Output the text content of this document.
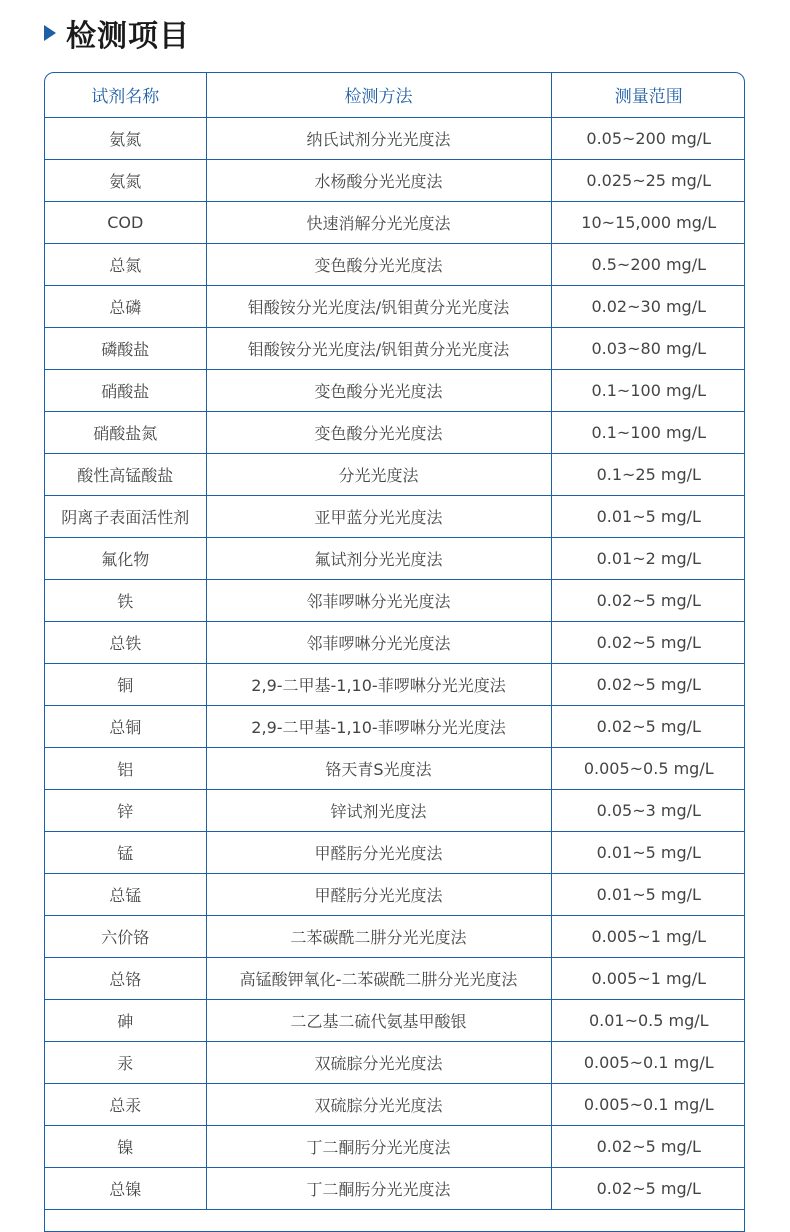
检测项目
试剂名称	检测方法	测量范围
氨氮	纳氏试剂分光光度法	0.05~200 mg/L
氨氮	水杨酸分光光度法	0.025~25 mg/L
COD	快速消解分光光度法	10~15,000 mg/L
总氮	变色酸分光光度法	0.5~200 mg/L
总磷	钼酸铵分光光度法/钒钼黄分光光度法	0.02~30 mg/L
磷酸盐	钼酸铵分光光度法/钒钼黄分光光度法	0.03~80 mg/L
硝酸盐	变色酸分光光度法	0.1~100 mg/L
硝酸盐氮	变色酸分光光度法	0.1~100 mg/L
酸性高锰酸盐	分光光度法	0.1~25 mg/L
阴离子表面活性剂	亚甲蓝分光光度法	0.01~5 mg/L
氟化物	氟试剂分光光度法	0.01~2 mg/L
铁	邻菲啰啉分光光度法	0.02~5 mg/L
总铁	邻菲啰啉分光光度法	0.02~5 mg/L
铜	2,9-二甲基-1,10-菲啰啉分光光度法	0.02~5 mg/L
总铜	2,9-二甲基-1,10-菲啰啉分光光度法	0.02~5 mg/L
铝	铬天青S光度法	0.005~0.5 mg/L
锌	锌试剂光度法	0.05~3 mg/L
锰	甲醛肟分光光度法	0.01~5 mg/L
总锰	甲醛肟分光光度法	0.01~5 mg/L
六价铬	二苯碳酰二肼分光光度法	0.005~1 mg/L
总铬	高锰酸钾氧化-二苯碳酰二肼分光光度法	0.005~1 mg/L
砷	二乙基二硫代氨基甲酸银	0.01~0.5 mg/L
汞	双硫腙分光光度法	0.005~0.1 mg/L
总汞	双硫腙分光光度法	0.005~0.1 mg/L
镍	丁二酮肟分光光度法	0.02~5 mg/L
总镍	丁二酮肟分光光度法	0.02~5 mg/L
